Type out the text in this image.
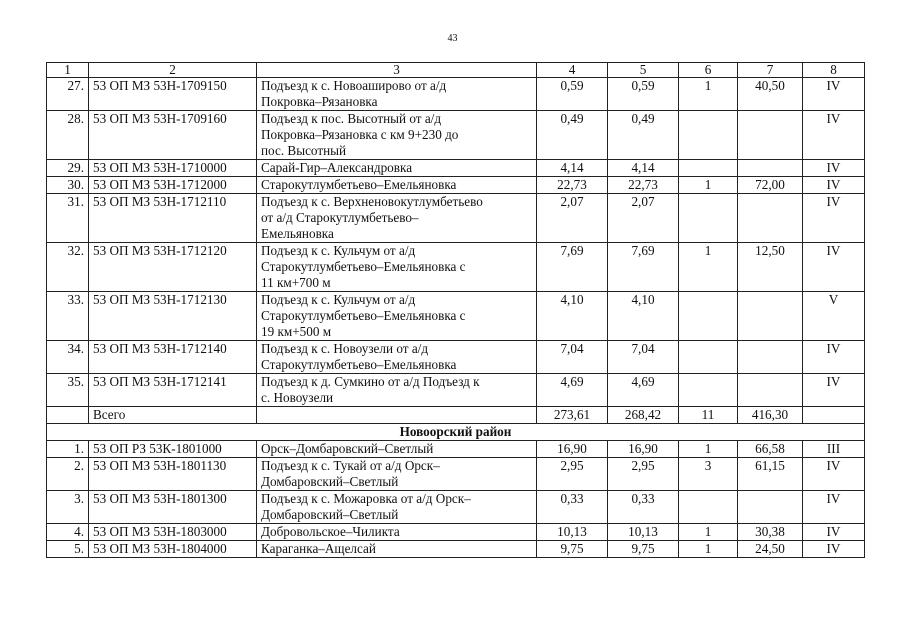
43
1	2	3	4	5	6	7	8
27.	53 ОП МЗ 53Н-1709150	Подъезд к с. Новоаширово от а/д
Покровка–Рязановка	0,59	0,59	1	40,50	IV
28.	53 ОП МЗ 53Н-1709160	Подъезд к пос. Высотный от а/д
Покровка–Рязановка с км 9+230 до
пос. Высотный	0,49	0,49			IV
29.	53 ОП МЗ 53Н-1710000	Сарай-Гир–Александровка	4,14	4,14			IV
30.	53 ОП МЗ 53Н-1712000	Старокутлумбетьево–Емельяновка	22,73	22,73	1	72,00	IV
31.	53 ОП МЗ 53Н-1712110	Подъезд к с. Верхненовокутлумбетьево
от а/д Старокутлумбетьево–
Емельяновка	2,07	2,07			IV
32.	53 ОП МЗ 53Н-1712120	Подъезд к с. Кульчум от а/д
Старокутлумбетьево–Емельяновка с
11 км+700 м	7,69	7,69	1	12,50	IV
33.	53 ОП МЗ 53Н-1712130	Подъезд к с. Кульчум от а/д
Старокутлумбетьево–Емельяновка с
19 км+500 м	4,10	4,10			V
34.	53 ОП МЗ 53Н-1712140	Подъезд к с. Новоузели от а/д
Старокутлумбетьево–Емельяновка	7,04	7,04			IV
35.	53 ОП МЗ 53Н-1712141	Подъезд к д. Сумкино от а/д Подъезд к
с. Новоузели	4,69	4,69			IV
	Всего		273,61	268,42	11	416,30	
Новоорский район							
1.	53 ОП РЗ 53К-1801000	Орск–Домбаровский–Светлый	16,90	16,90	1	66,58	III
2.	53 ОП МЗ 53Н-1801130	Подъезд к с. Тукай от а/д Орск–
Домбаровский–Светлый	2,95	2,95	3	61,15	IV
3.	53 ОП МЗ 53Н-1801300	Подъезд к с. Можаровка от а/д Орск–
Домбаровский–Светлый	0,33	0,33			IV
4.	53 ОП МЗ 53Н-1803000	Добровольское–Чиликта	10,13	10,13	1	30,38	IV
5.	53 ОП МЗ 53Н-1804000	Караганка–Ащелсай	9,75	9,75	1	24,50	IV
